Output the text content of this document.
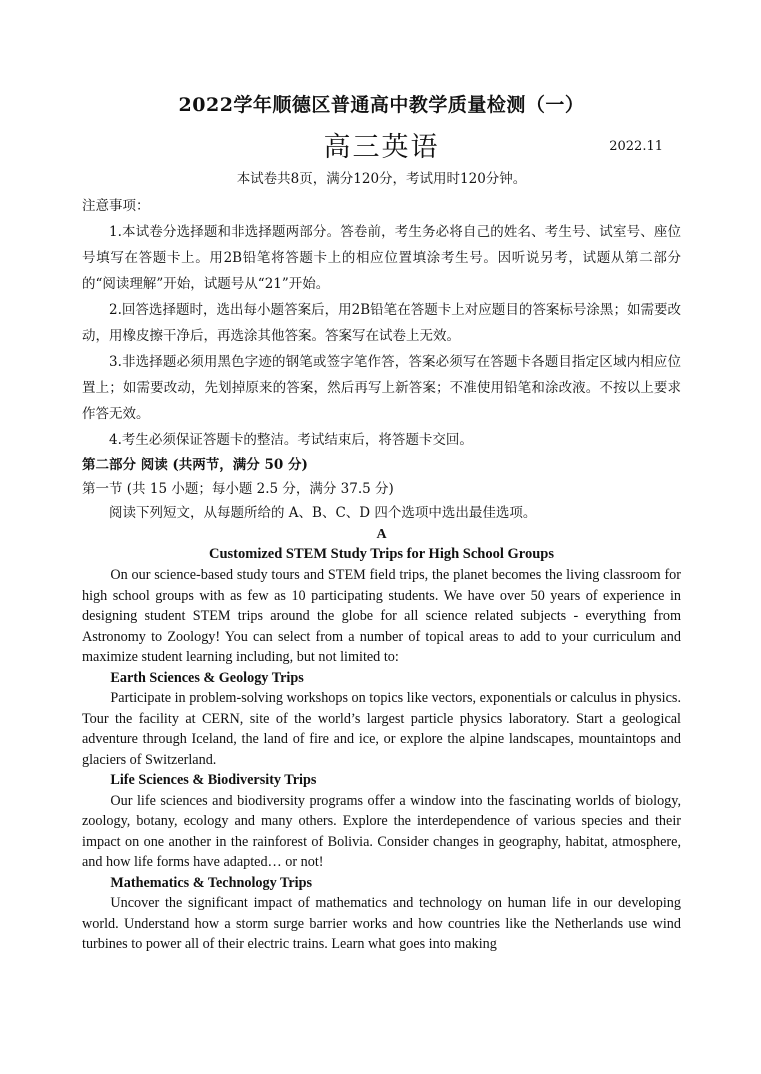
2022学年顺德区普通高中教学质量检测（一）
高三英语	2022.11

本试卷共8页，满分120分，考试用时120分钟。

注意事项：

1.本试卷分选择题和非选择题两部分。答卷前，考生务必将自己的姓名、考生号、试室号、座位号填写在答题卡上。用2B铅笔将答题卡上的相应位置填涂考生号。因听说另考，试题从第二部分的“阅读理解”开始，试题号从“21”开始。

2.回答选择题时，选出每小题答案后，用2B铅笔在答题卡上对应题目的答案标号涂黑；如需要改动，用橡皮擦干净后，再选涂其他答案。答案写在试卷上无效。

3.非选择题必须用黑色字迹的钢笔或签字笔作答，答案必须写在答题卡各题目指定区域内相应位置上；如需要改动，先划掉原来的答案，然后再写上新答案；不准使用铅笔和涂改液。不按以上要求作答无效。

4.考生必须保证答题卡的整洁。考试结束后，将答题卡交回。

第二部分 阅读 (共两节，满分 50 分)

第一节 (共 15 小题；每小题 2.5 分，满分 37.5 分)

阅读下列短文，从每题所给的 A、B、C、D 四个选项中选出最佳选项。

A

Customized STEM Study Trips for High School Groups

On our science-based study tours and STEM field trips, the planet becomes the living classroom for high school groups with as few as 10 participating students. We have over 50 years of experience in designing student STEM trips around the globe for all science related subjects - everything from Astronomy to Zoology! You can select from a number of topical areas to add to your curriculum and maximize student learning including, but not limited to:

Earth Sciences & Geology Trips

Participate in problem-solving workshops on topics like vectors, exponentials or calculus in physics. Tour the facility at CERN, site of the world’s largest particle physics laboratory. Start a geological adventure through Iceland, the land of fire and ice, or explore the alpine landscapes, mountaintops and glaciers of Switzerland.

Life Sciences & Biodiversity Trips

Our life sciences and biodiversity programs offer a window into the fascinating worlds of biology, zoology, botany, ecology and many others. Explore the interdependence of various species and their impact on one another in the rainforest of Bolivia. Consider changes in geography, habitat, atmosphere, and how life forms have adapted… or not!

Mathematics & Technology Trips

Uncover the significant impact of mathematics and technology on human life in our developing world. Understand how a storm surge barrier works and how countries like the Netherlands use wind turbines to power all of their electric trains. Learn what goes into making
